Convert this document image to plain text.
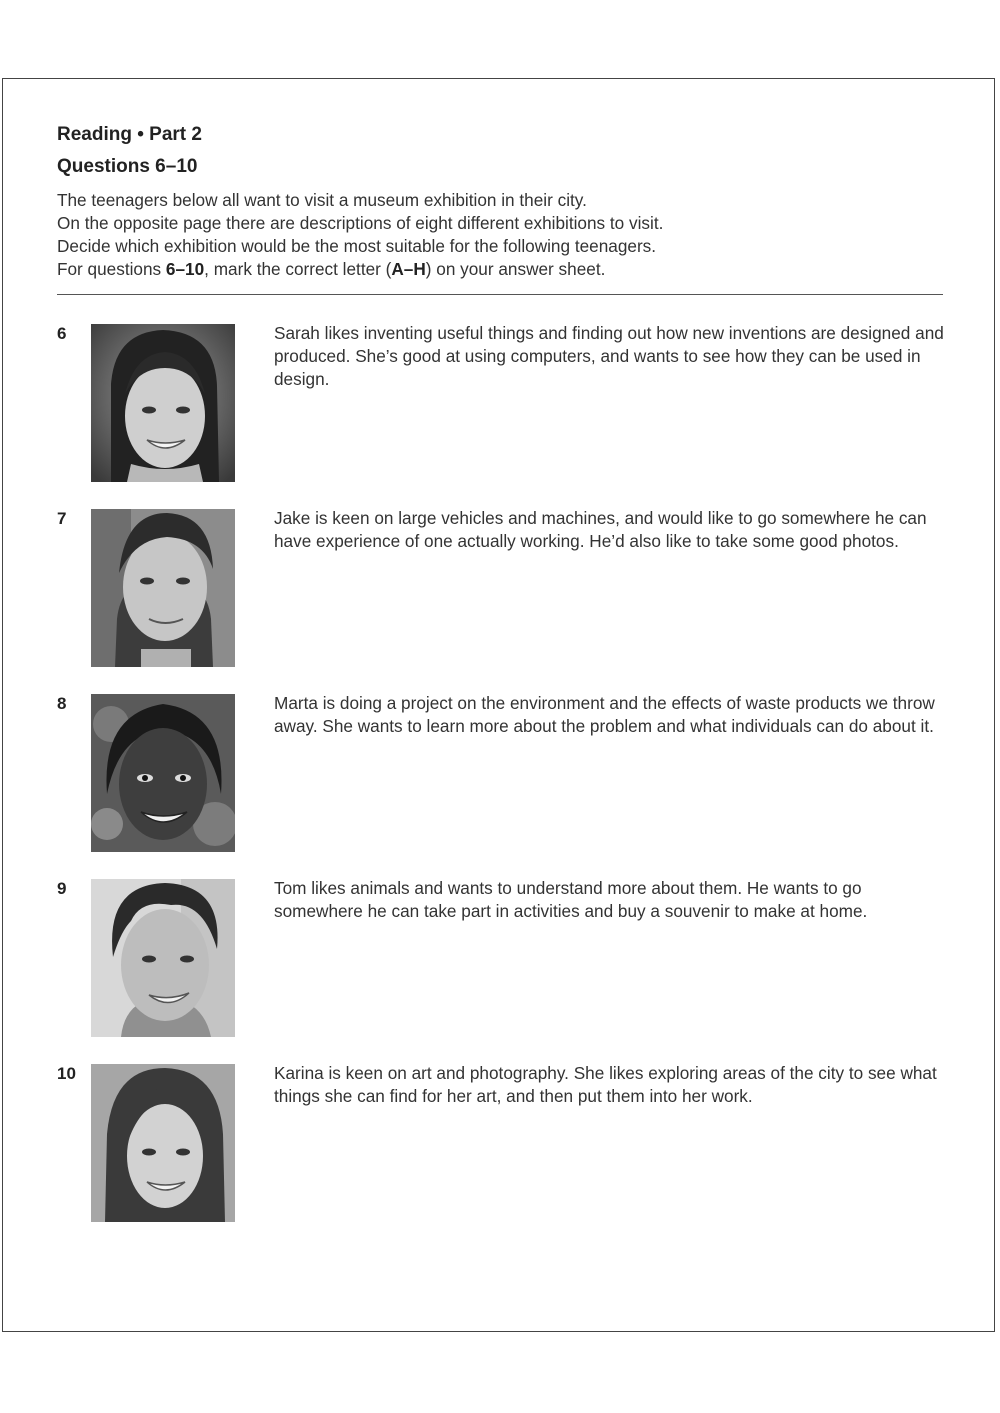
Reading • Part 2
Questions 6–10

The teenagers below all want to visit a museum exhibition in their city.

On the opposite page there are descriptions of eight different exhibitions to visit.

Decide which exhibition would be the most suitable for the following teenagers.

For questions 6–10, mark the correct letter (A–H) on your answer sheet.

6	Sarah likes inventing useful things and finding out how new inventions are designed and produced. She’s good at using computers, and wants to see how they can be used in design.
7	Jake is keen on large vehicles and machines, and would like to go somewhere he can have experience of one actually working. He’d also like to take some good photos.
8	Marta is doing a project on the environment and the effects of waste products we throw away. She wants to learn more about the problem and what individuals can do about it.
9	Tom likes animals and wants to understand more about them. He wants to go somewhere he can take part in activities and buy a souvenir to make at home.
10	Karina is keen on art and photography. She likes exploring areas of the city to see what things she can find for her art, and then put them into her work.
